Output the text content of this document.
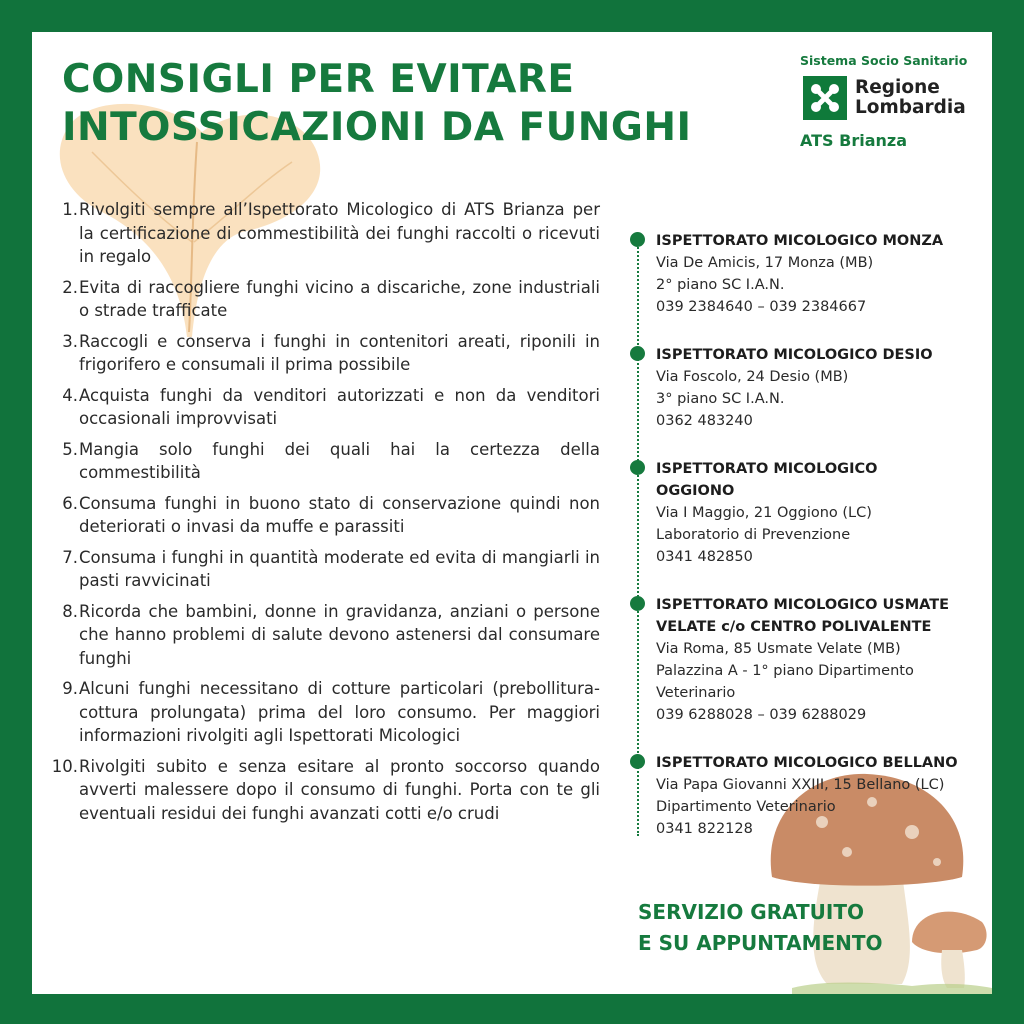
CONSIGLI PER EVITARE
INTOSSICAZIONI DA FUNGHI
Sistema Socio Sanitario
Regione
Lombardia
ATS Brianza
1. Rivolgiti sempre all’Ispettorato Micologico di ATS Brianza per la certificazione di commestibilità dei funghi raccolti o ricevuti in regalo
2. Evita di raccogliere funghi vicino a discariche, zone industriali o strade trafficate
3. Raccogli e conserva i funghi in contenitori areati, riponili in frigorifero e consumali il prima possibile
4. Acquista funghi da venditori autorizzati e non da venditori occasionali improvvisati
5. Mangia solo funghi dei quali hai la certezza della commestibilità
6. Consuma funghi in buono stato di conservazione quindi non deteriorati o invasi da muffe e parassiti
7. Consuma i funghi in quantità moderate ed evita di mangiarli in pasti ravvicinati
8. Ricorda che bambini, donne in gravidanza, anziani o persone che hanno problemi di salute devono astenersi dal consumare funghi
9. Alcuni funghi necessitano di cotture particolari (prebollitura-cottura prolungata) prima del loro consumo. Per maggiori informazioni rivolgiti agli Ispettorati Micologici
10. Rivolgiti subito e senza esitare al pronto soccorso quando avverti malessere dopo il consumo di funghi. Porta con te gli eventuali residui dei funghi avanzati cotti e/o crudi
ISPETTORATO MICOLOGICO MONZA
Via De Amicis, 17 Monza (MB)
2° piano SC I.A.N.
039 2384640 – 039 2384667
ISPETTORATO MICOLOGICO DESIO
Via Foscolo, 24 Desio (MB)
3° piano SC I.A.N.
0362 483240
ISPETTORATO MICOLOGICO OGGIONO
Via I Maggio, 21 Oggiono (LC)
Laboratorio di Prevenzione
0341 482850
ISPETTORATO MICOLOGICO USMATE VELATE c/o CENTRO POLIVALENTE
Via Roma, 85 Usmate Velate (MB)
Palazzina A - 1° piano Dipartimento Veterinario
039 6288028 – 039 6288029
ISPETTORATO MICOLOGICO BELLANO
Via Papa Giovanni XXIII, 15 Bellano (LC)
Dipartimento Veterinario
0341 822128

SERVIZIO GRATUITO
E SU APPUNTAMENTO
